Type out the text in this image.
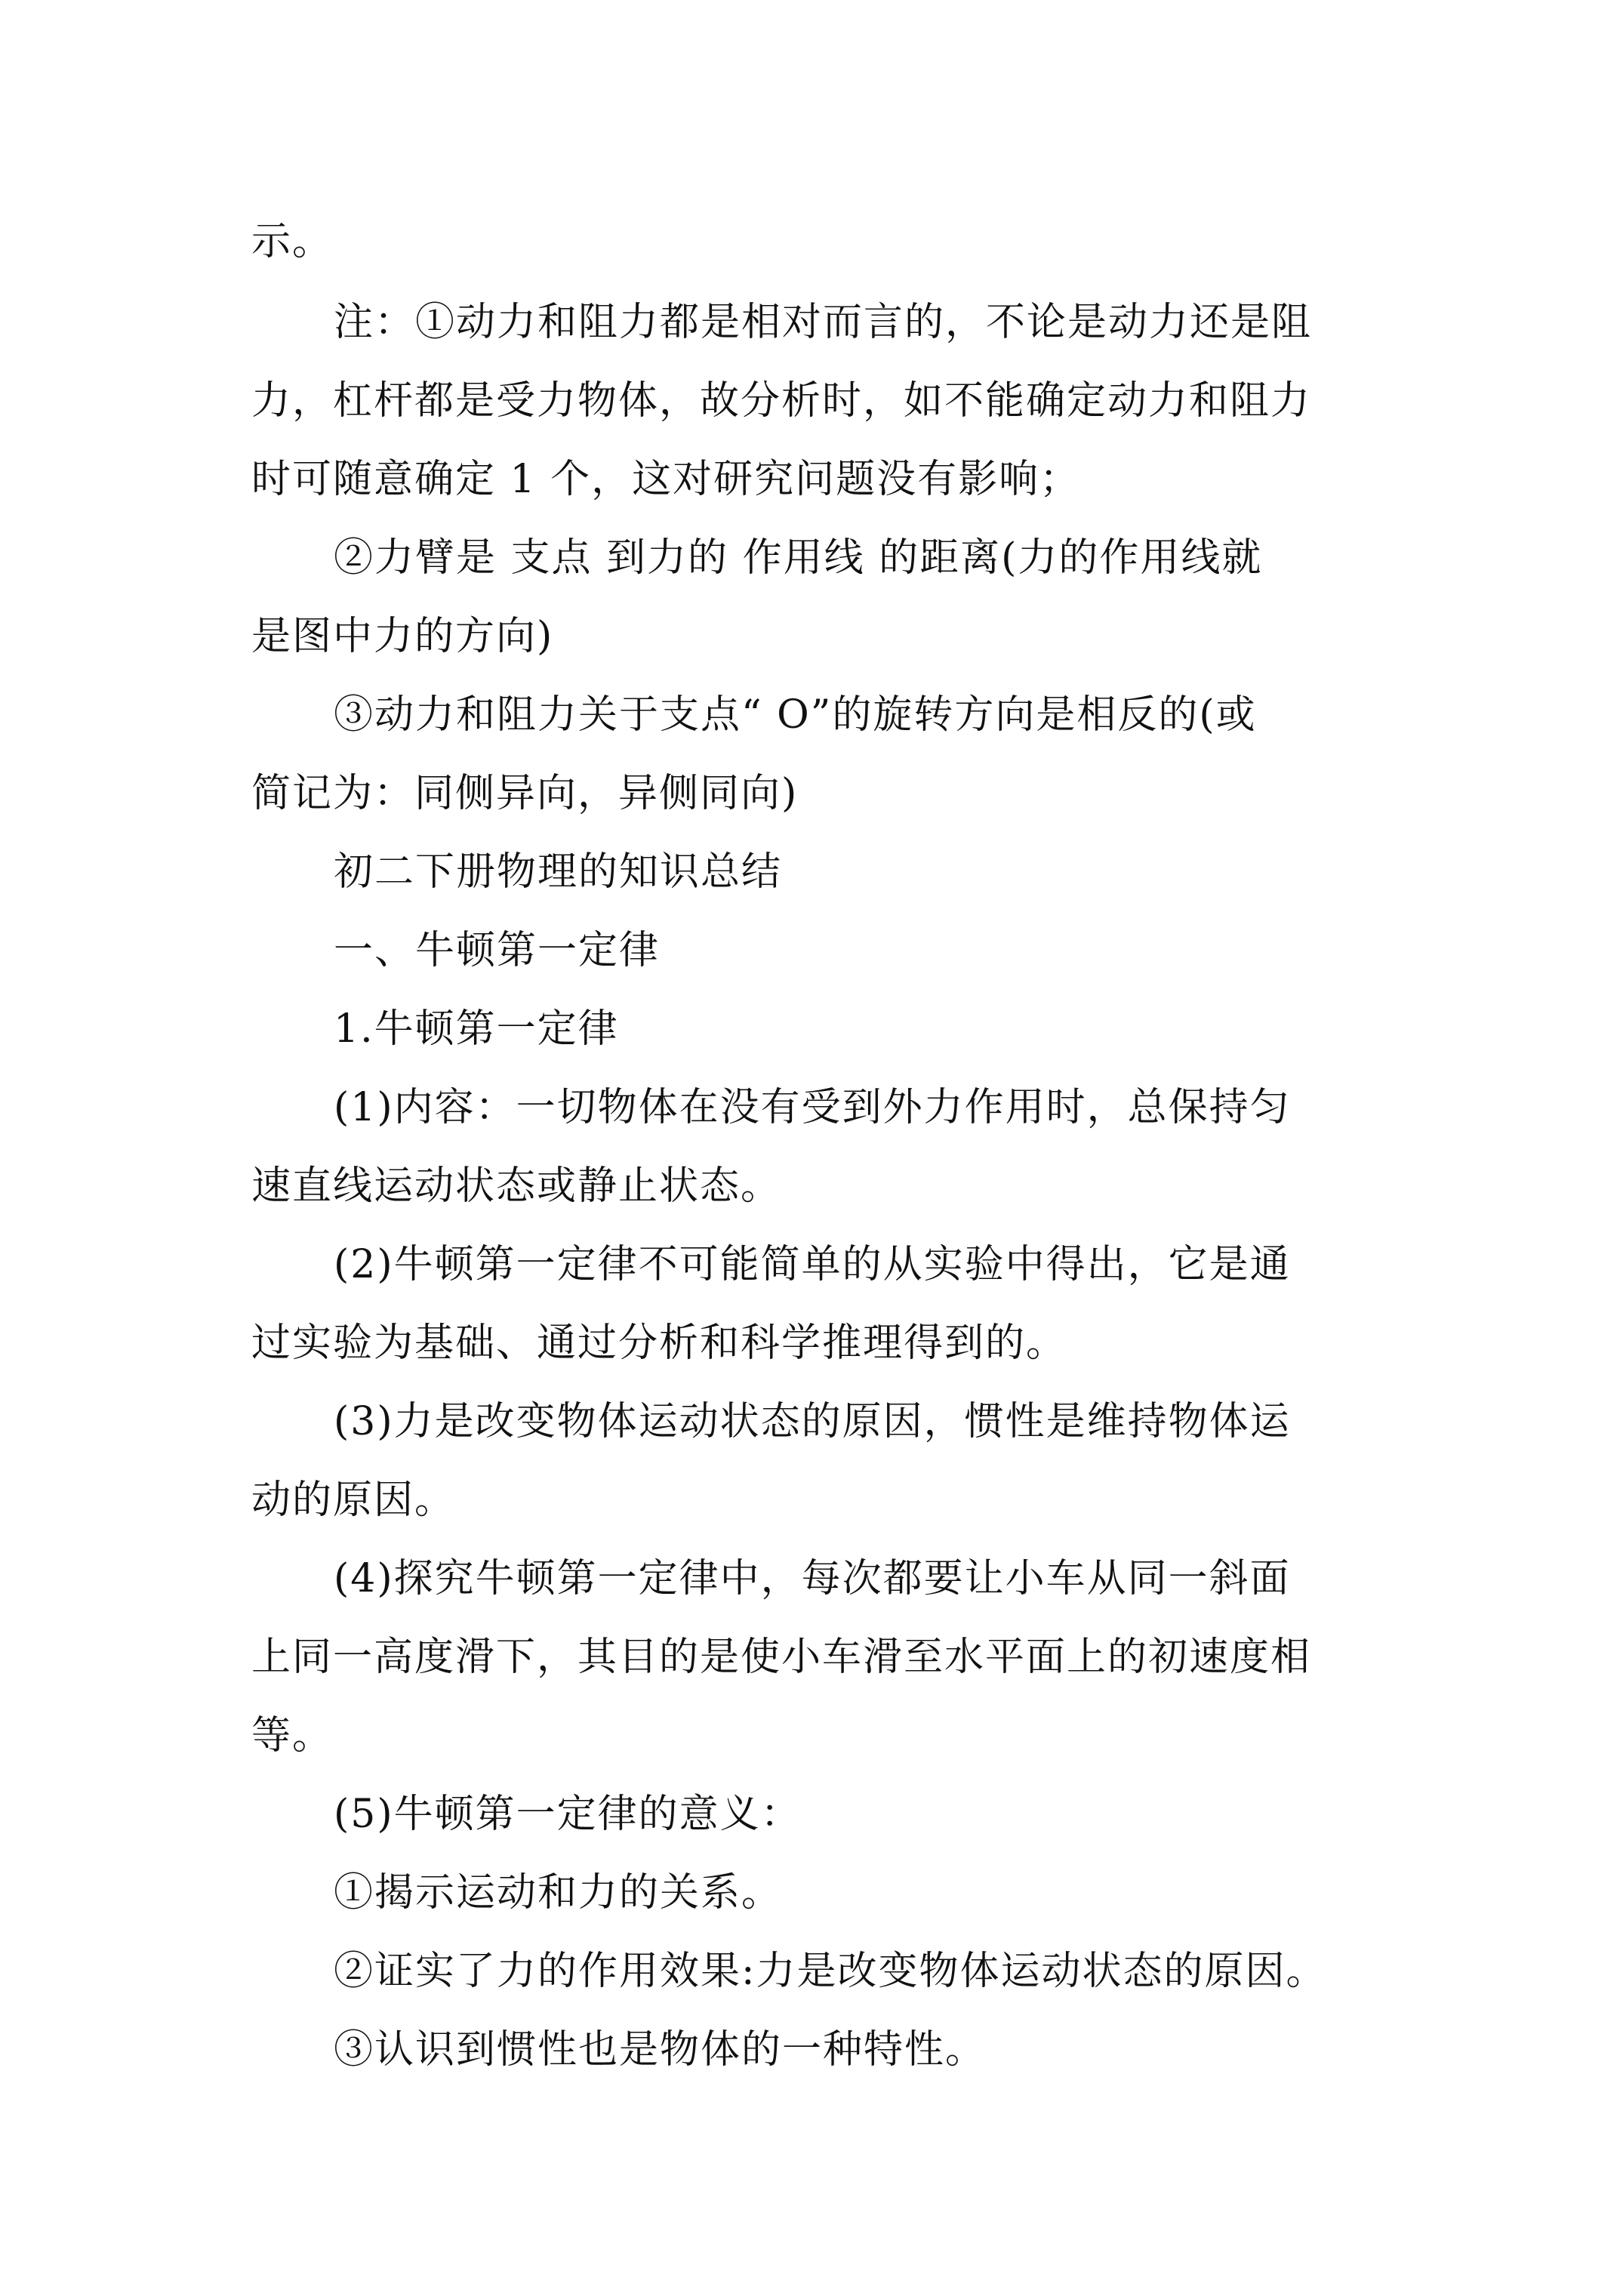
示。
注：①动力和阻力都是相对而言的，不论是动力还是阻
力，杠杆都是受力物体，故分析时，如不能确定动力和阻力
时可随意确定 1 个，这对研究问题没有影响；
②力臂是 支点 到力的 作用线 的距离(力的作用线就
是图中力的方向)
③动力和阻力关于支点“ O”的旋转方向是相反的(或
简记为：同侧异向，异侧同向)
初二下册物理的知识总结
一、牛顿第一定律
1.牛顿第一定律
(1)内容：一切物体在没有受到外力作用时，总保持匀
速直线运动状态或静止状态。
(2)牛顿第一定律不可能简单的从实验中得出，它是通
过实验为基础、通过分析和科学推理得到的。
(3)力是改变物体运动状态的原因，惯性是维持物体运
动的原因。
(4)探究牛顿第一定律中，每次都要让小车从同一斜面
上同一高度滑下，其目的是使小车滑至水平面上的初速度相
等。
(5)牛顿第一定律的意义：
①揭示运动和力的关系。
②证实了力的作用效果:力是改变物体运动状态的原因。
③认识到惯性也是物体的一种特性。
